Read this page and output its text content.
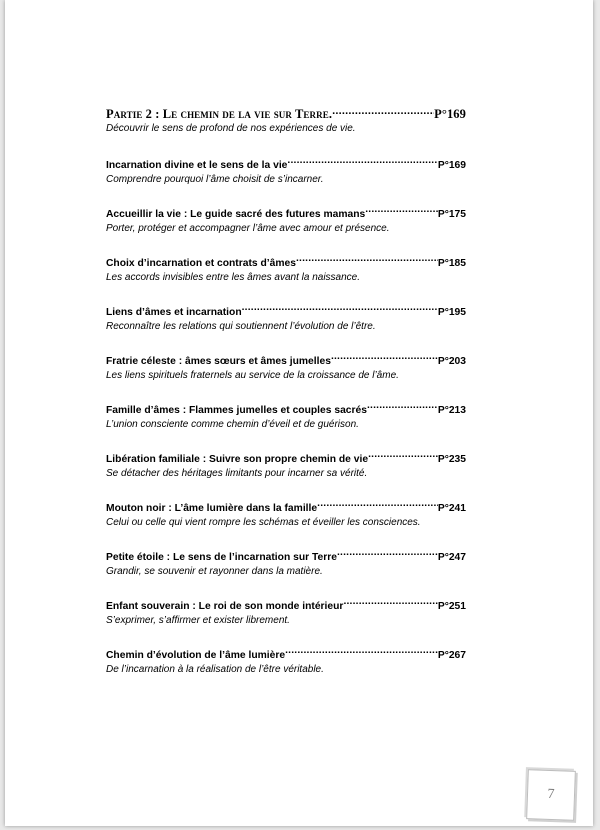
Partie 2 : Le chemin de la vie sur Terre. .....	P°169
Découvrir le sens de profond de nos expériences de vie.
Incarnation divine et le sens de la vie .....	P°169
Comprendre pourquoi l’âme choisit de s’incarner.
Accueillir la vie : Le guide sacré des futures mamans .....	P°175
Porter, protéger et accompagner l’âme avec amour et présence.
Choix d’incarnation et contrats d’âmes .....	P°185
Les accords invisibles entre les âmes avant la naissance.
Liens d’âmes et incarnation .....	P°195
Reconnaître les relations qui soutiennent l’évolution de l’être.
Fratrie céleste : âmes sœurs et âmes jumelles .....	P°203
Les liens spirituels fraternels au service de la croissance de l’âme.
Famille d’âmes : Flammes jumelles et couples sacrés .....	P°213
L’union consciente comme chemin d’éveil et de guérison.
Libération familiale : Suivre son propre chemin de vie .....	P°235
Se détacher des héritages limitants pour incarner sa vérité.
Mouton noir : L’âme lumière dans la famille .....	P°241
Celui ou celle qui vient rompre les schémas et éveiller les consciences.
Petite étoile : Le sens de l’incarnation sur Terre .....	P°247
Grandir, se souvenir et rayonner dans la matière.
Enfant souverain : Le roi de son monde intérieur .....	P°251
S’exprimer, s’affirmer et exister librement.
Chemin d’évolution de l’âme lumière .....	P°267
De l’incarnation à la réalisation de l’être véritable.
7
